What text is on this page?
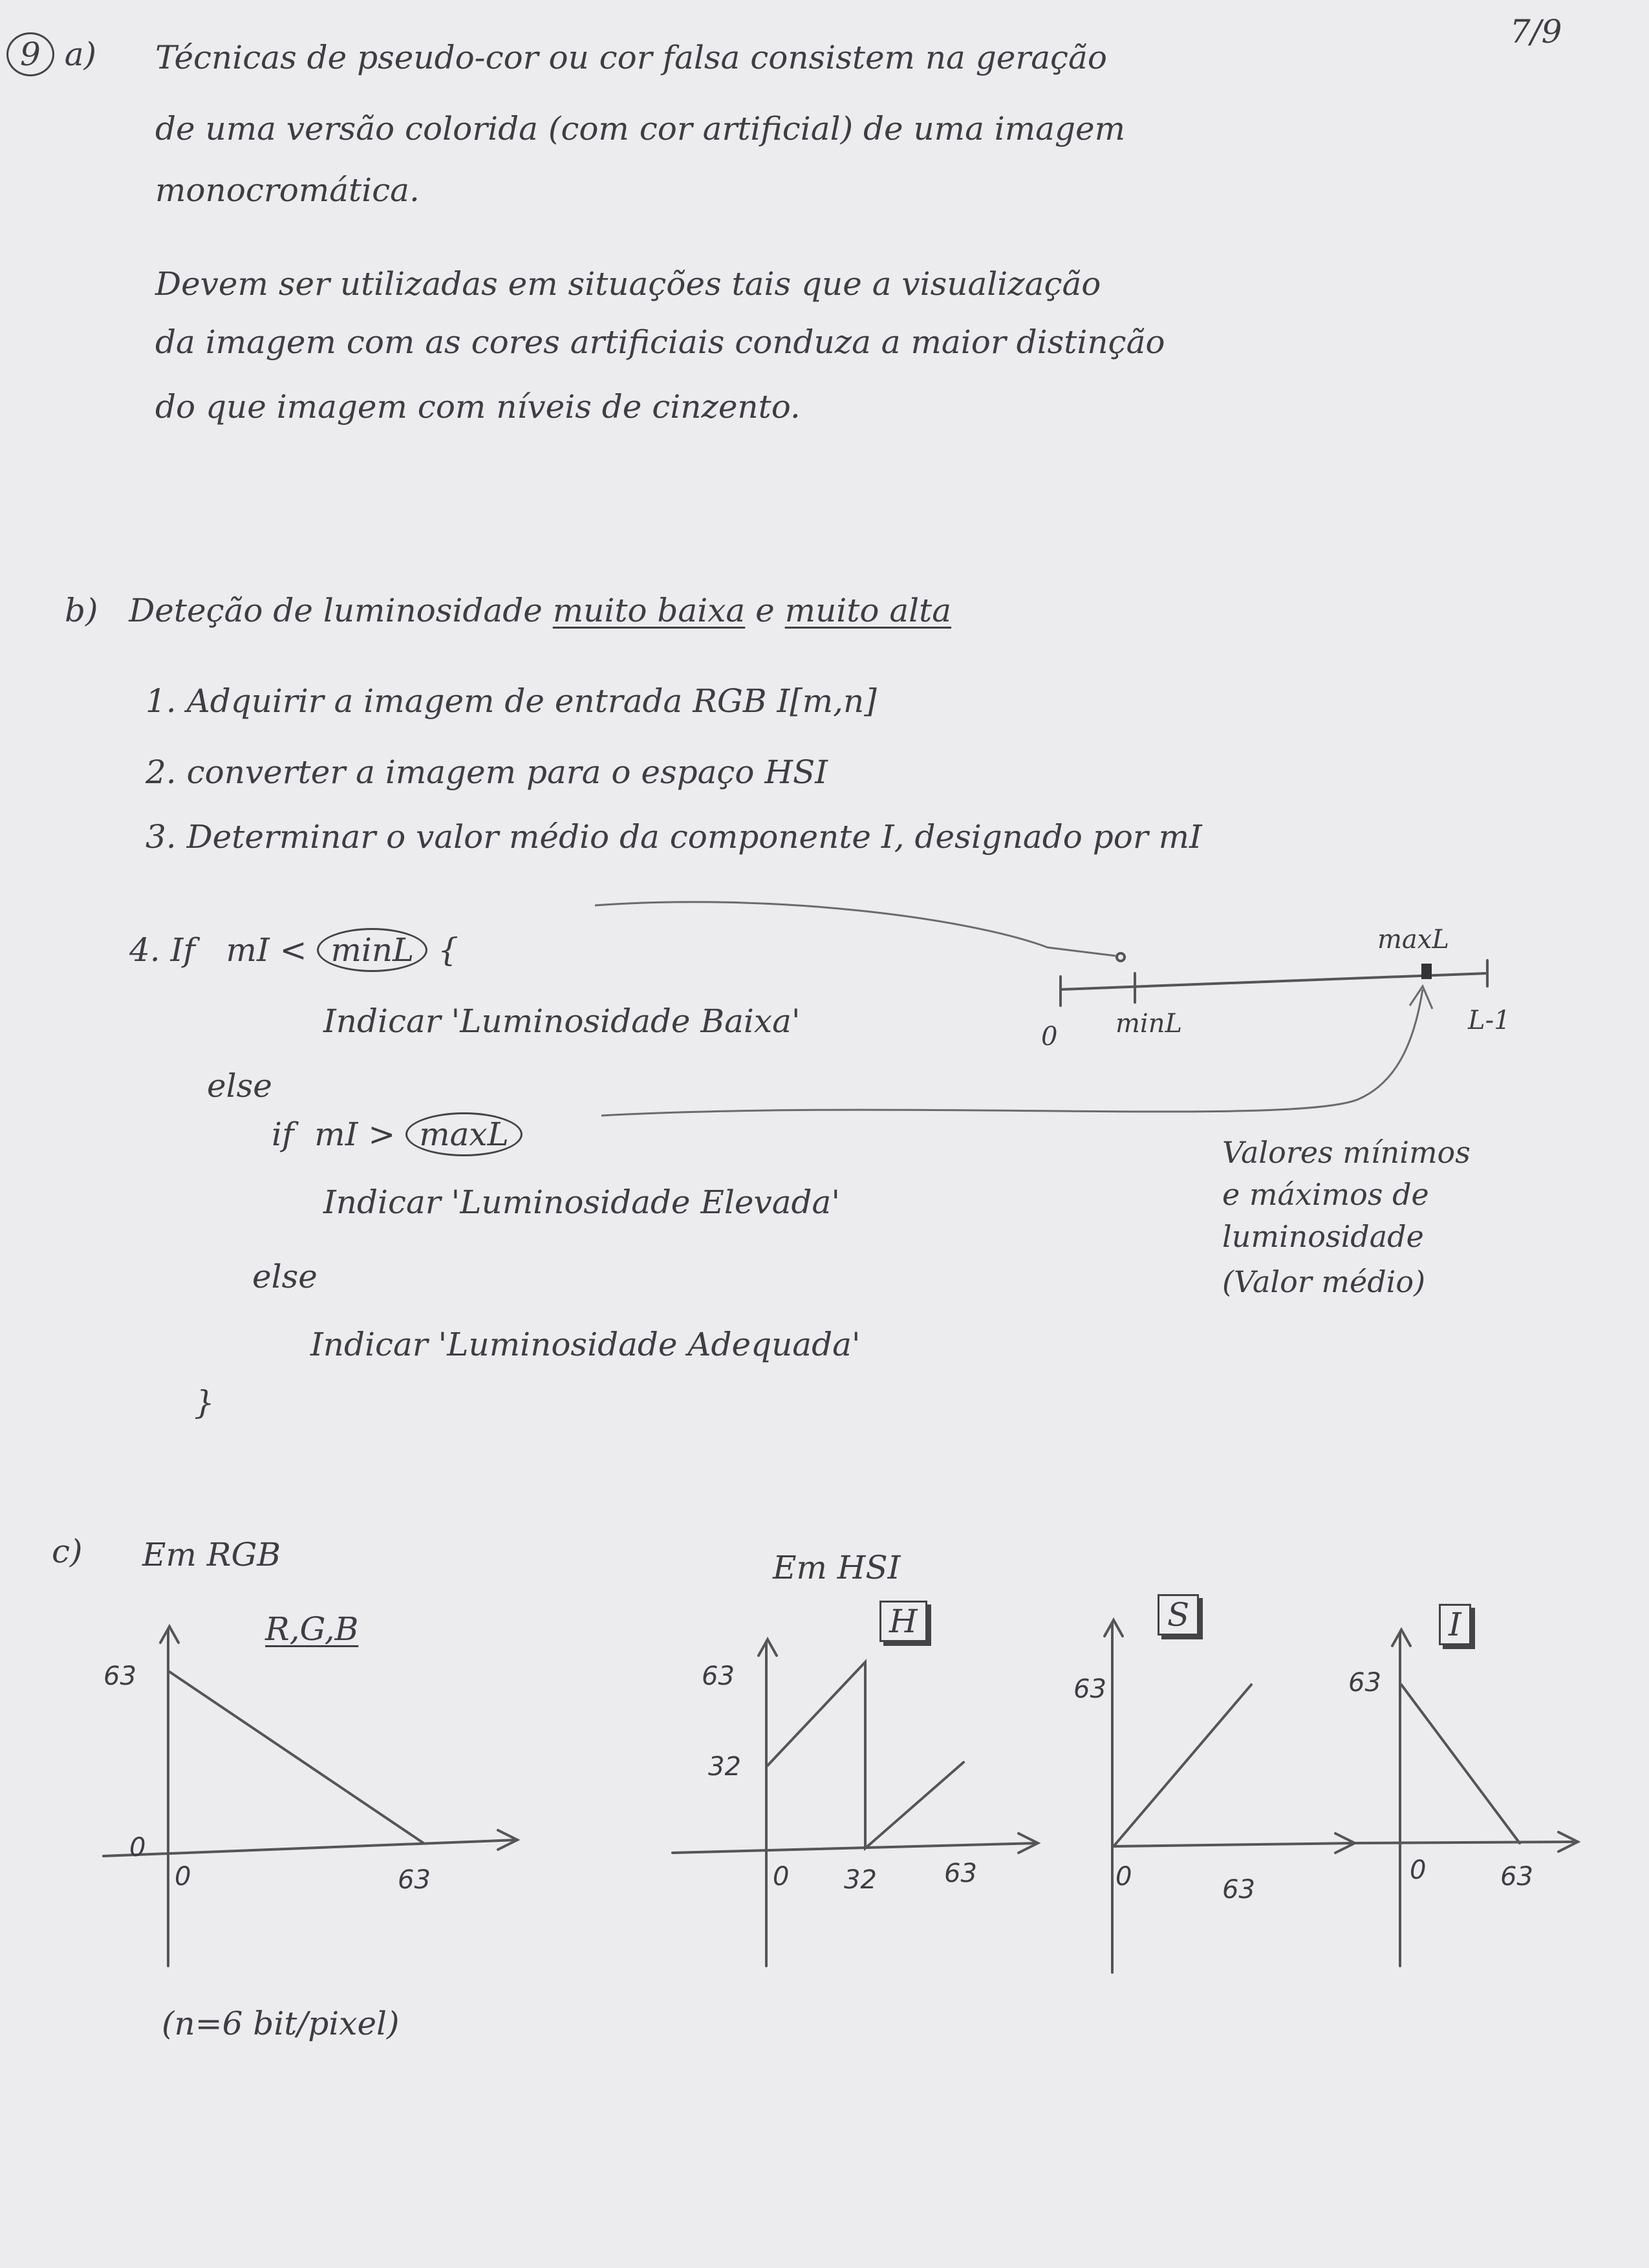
7/9
9 a) Técnicas de pseudo-cor ou cor falsa consistem na geração
de uma versão colorida (com cor artificial) de uma imagem
monocromática.
Devem ser utilizadas em situações tais que a visualização
da imagem com as cores artificiais conduza a maior distinção
do que imagem com níveis de cinzento.
b) Deteção de luminosidade muito baixa e muito alta
1. Adquirir a imagem de entrada RGB I[m,n]
2. converter a imagem para o espaço HSI
3. Determinar o valor médio da componente I, designado por mI
4. If mI < minL {
Indicar 'Luminosidade Baixa'
else
if mI > maxL
Indicar 'Luminosidade Elevada'
else
Indicar 'Luminosidade Adequada'
}
0 minL
maxL
L-1
Valores mínimos
e máximos de
luminosidade
(Valor médio)
c) Em RGB
R,G,B
Em HSI
(n=6 bit/pixel)
H	S	I
63
0
0	63
63
32
0 32	63
63
0	63
63
0	63
